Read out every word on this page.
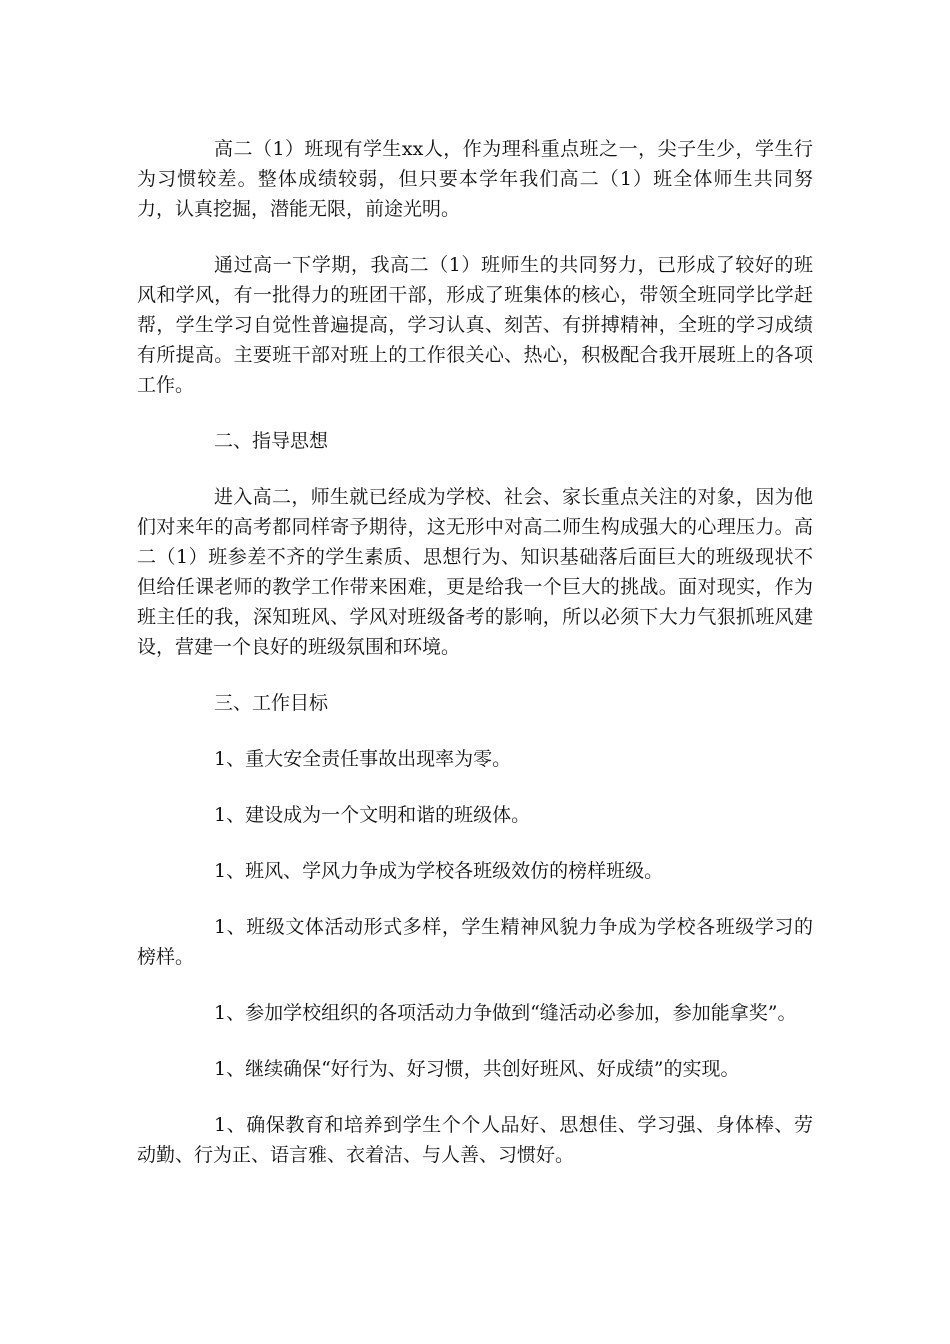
高二（1）班现有学生xx人，作为理科重点班之一，尖子生少，学生行为习惯较差。整体成绩较弱，但只要本学年我们高二（1）班全体师生共同努力，认真挖掘，潜能无限，前途光明。

通过高一下学期，我高二（1）班师生的共同努力，已形成了较好的班风和学风，有一批得力的班团干部，形成了班集体的核心，带领全班同学比学赶帮，学生学习自觉性普遍提高，学习认真、刻苦、有拼搏精神，全班的学习成绩有所提高。主要班干部对班上的工作很关心、热心，积极配合我开展班上的各项工作。

二、指导思想

进入高二，师生就已经成为学校、社会、家长重点关注的对象，因为他们对来年的高考都同样寄予期待，这无形中对高二师生构成强大的心理压力。高二（1）班参差不齐的学生素质、思想行为、知识基础落后面巨大的班级现状不但给任课老师的教学工作带来困难，更是给我一个巨大的挑战。面对现实，作为班主任的我，深知班风、学风对班级备考的影响，所以必须下大力气狠抓班风建设，营建一个良好的班级氛围和环境。

三、工作目标

1、重大安全责任事故出现率为零。

1、建设成为一个文明和谐的班级体。

1、班风、学风力争成为学校各班级效仿的榜样班级。

1、班级文体活动形式多样，学生精神风貌力争成为学校各班级学习的榜样。

1、参加学校组织的各项活动力争做到“缝活动必参加，参加能拿奖”。

1、继续确保“好行为、好习惯，共创好班风、好成绩”的实现。

1、确保教育和培养到学生个个人品好、思想佳、学习强、身体棒、劳动勤、行为正、语言雅、衣着洁、与人善、习惯好。
